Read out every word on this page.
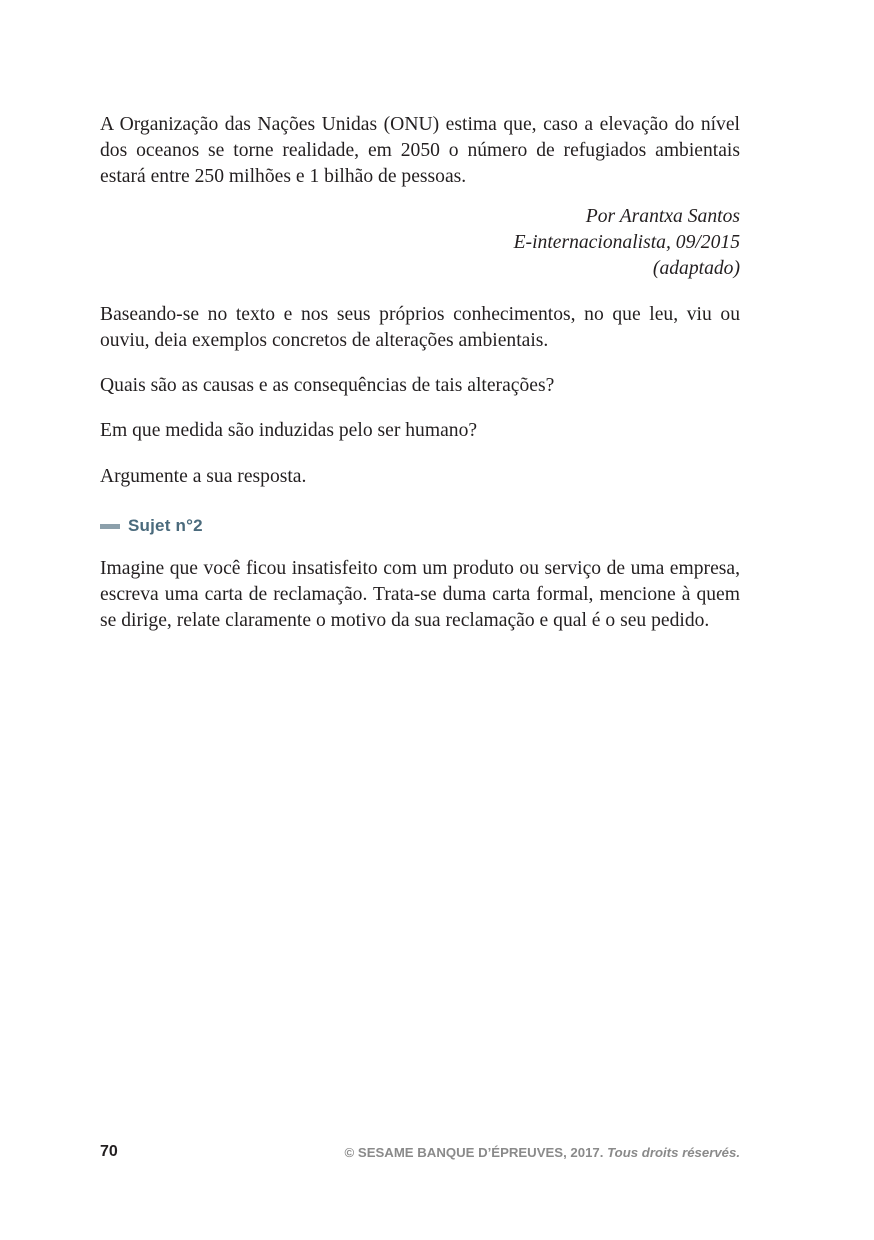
A Organização das Nações Unidas (ONU) estima que, caso a elevação do nível dos oceanos se torne realidade, em 2050 o número de refugiados ambientais estará entre 250 milhões e 1 bilhão de pessoas.

Por Arantxa Santos
E-internacionalista, 09/2015
(adaptado)

Baseando-se no texto e nos seus próprios conhecimentos, no que leu, viu ou ouviu, deia exemplos concretos de alterações ambientais.

Quais são as causas e as consequências de tais alterações?

Em que medida são induzidas pelo ser humano?

Argumente a sua resposta.

Sujet n°2

Imagine que você ficou insatisfeito com um produto ou serviço de uma empresa, escreva uma carta de reclamação. Trata-se duma carta formal, mencione à quem se dirige, relate claramente o motivo da sua reclamação e qual é o seu pedido.

70	© SESAME BANQUE D’ÉPREUVES, 2017. Tous droits réservés.
